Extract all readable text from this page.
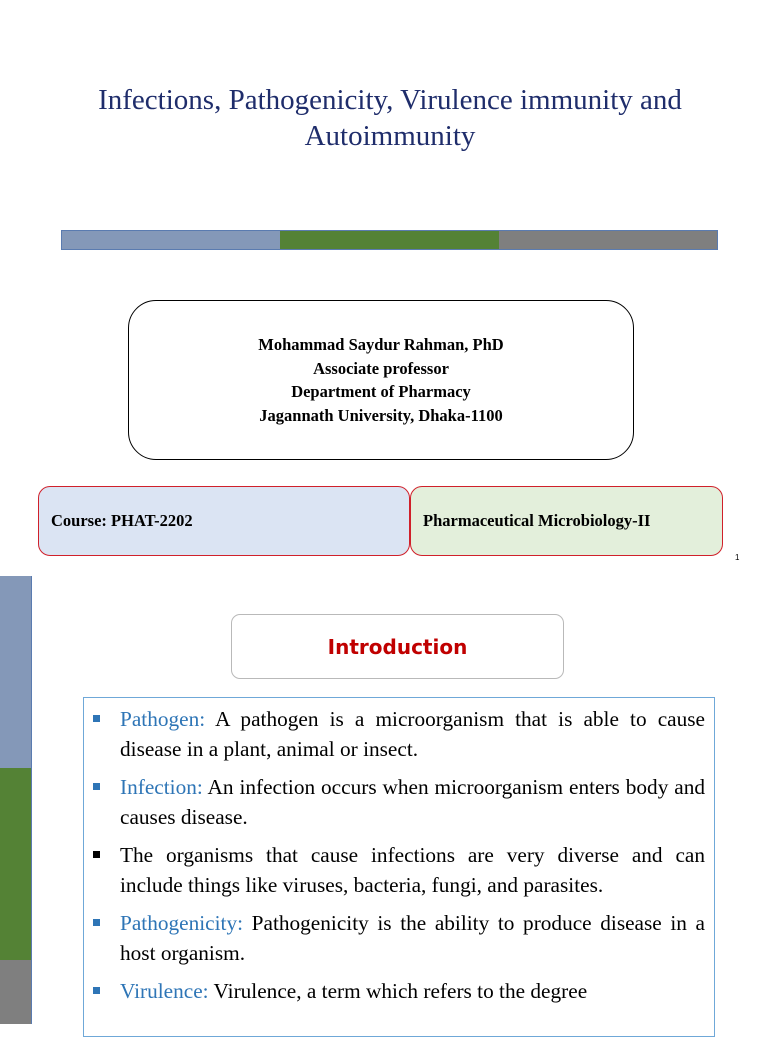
Infections, Pathogenicity, Virulence immunity and
Autoimmunity
Mohammad Saydur Rahman, PhD
Associate professor
Department of Pharmacy
Jagannath University, Dhaka-1100
Course: PHAT-2202	Pharmaceutical Microbiology-II
1
Introduction
Pathogen: A pathogen is a microorganism that is able to cause disease in a plant, animal or insect.
Infection: An infection occurs when microorganism enters body and causes disease.
The organisms that cause infections are very diverse and can include things like viruses, bacteria, fungi, and parasites.
Pathogenicity: Pathogenicity is the ability to produce disease in a host organism.
Virulence: Virulence, a term which refers to the degree
